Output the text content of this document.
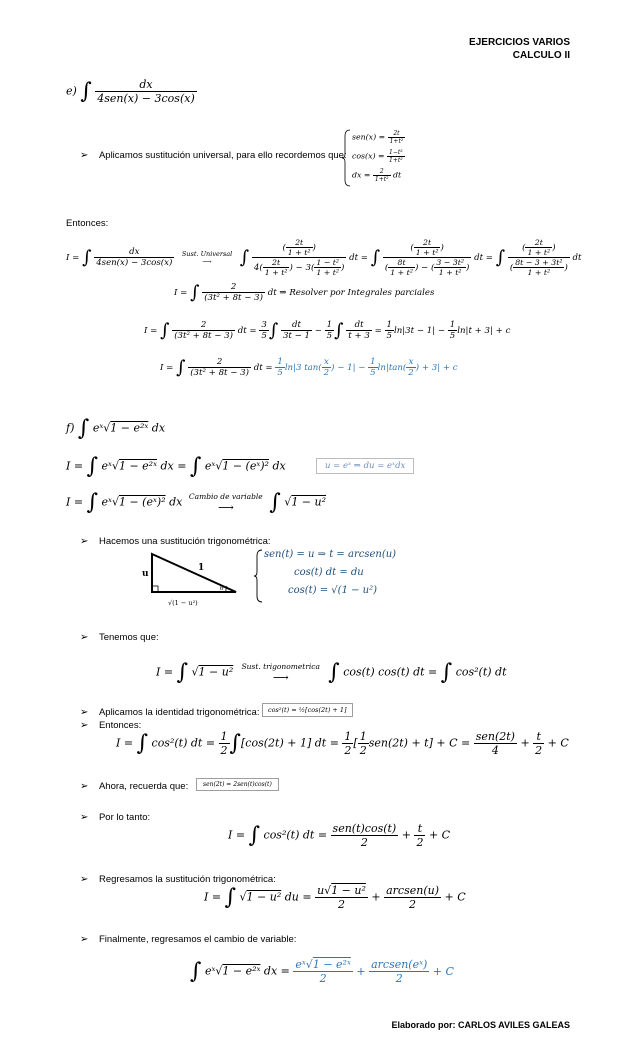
EJERCICIOS VARIOS
CALCULO II
e) ∫ $\frac{dx}{\text{4sen(x) − 3cos(x)}}$
➢ Aplicamos sustitución universal, para ello recordemos que:
$sen(x) = \frac{2t}{\text{1+t²}}$
$\cos(x) = \frac{\text{1−t²}}{\text{1+t²}}$
dx = $\frac{2}{\text{1+t²}}$ dt
Entonces:
I = ∫ $\frac{dx}{\text{4sen(x) − 3cos(x)}}$
	Sust. Universal
⟶	∫ $\frac{( \frac{2t}{\text{1 + t²}} )}{4( \frac{2t}{\text{1 + t²}} ) - 3( \frac{\text{1 − t²}}{\text{1 + t²}} )}$ dt = ∫ $\frac{( \frac{2t}{\text{1 + t²}} )}{( \frac{8t}{\text{1 + t²}} ) - ( \frac{\text{3 − 3t²}}{\text{1 + t²}} )}$ dt = ∫ $\frac{( \frac{2t}{\text{1 + t²}} )}{( \frac{\text{8t − 3 + 3t²}}{\text{1 + t²}} )}$ dt
I = ∫ $\frac{2}{\text{(3t² + 8t − 3)}}$ dt ⇒ Resolver por Integrales parciales
I = ∫ $\frac{2}{\text{(3t² + 8t − 3)}}$ dt = $\frac{3}{5}$ ∫ $\frac{dt}{3t - 1} - \frac{1}{5}$ ∫ $\frac{dt}{t + 3} = \frac{1}{5} \ln|3t - 1| - \frac{1}{5} \ln|t + 3| + c$
I = ∫ $\frac{2}{\text{(3t² + 8t − 3)}}$ dt = $\frac{1}{5} \ln|3$ $\tan( \frac{x}{2}$ ) − $1| - \frac{1}{5} \ln|\tan( \frac{x}{2}$ ) + 3| + c
f) ∫ eˣ√1 − e²ˣ dx
I = ∫ eˣ√1 − e²ˣ dx = ∫ eˣ√1 − (eˣ)² dx	u = eˣ ⇒ du = eˣdx
I = ∫ eˣ√1 − (eˣ)² dx Cambio de variable
⟶	∫ √1 − u²
➢ Hacemos una sustitución trigonométrica:
u
1
θ
√(1 − u²)
sen(t) = u ⇒ t = arcsen(u)
cos(t) dt = du
cos(t) = √(1 − u²)
➢ Tenemos que:
I = ∫ √1 − u²	Sust. trigonometrica
⟶	∫ cos(t) cos(t) dt = ∫ cos²(t) dt
➢ Aplicamos la identidad trigonométrica:	cos²(t) = ½[cos(2t) + 1]
➢ Entonces:
I = ∫ cos²(t) dt = $\frac{1}{2} \int[\cos(2t) + 1]$ dt = $\frac{1}{2}$ [ $\frac{1}{2} sen(2t) + t] + C = \frac{\text{sen(2t)}}{4} + \frac{t}{2} + C$
➢ Ahora, recuerda que:	sen(2t) = 2sen(t)cos(t)
➢ Por lo tanto:
I = ∫ cos²(t) dt = $\frac{\text{sen(t)cos(t)}}{2} + \frac{t}{2} + C$
➢ Regresamos la sustitución trigonométrica:
I = ∫ √1 − u² du = $\frac{\text{u√1 − u²}}{2} + \frac{\text{arcsen(u)}}{2} + C$
➢ Finalmente, regresamos el cambio de variable:
∫ eˣ√1 − e²ˣ dx = $\frac{\text{eˣ√1 − e²ˣ}}{2} + \frac{\text{arcsen(eˣ)}}{2} + C$
Elaborado por: CARLOS AVILES GALEAS
